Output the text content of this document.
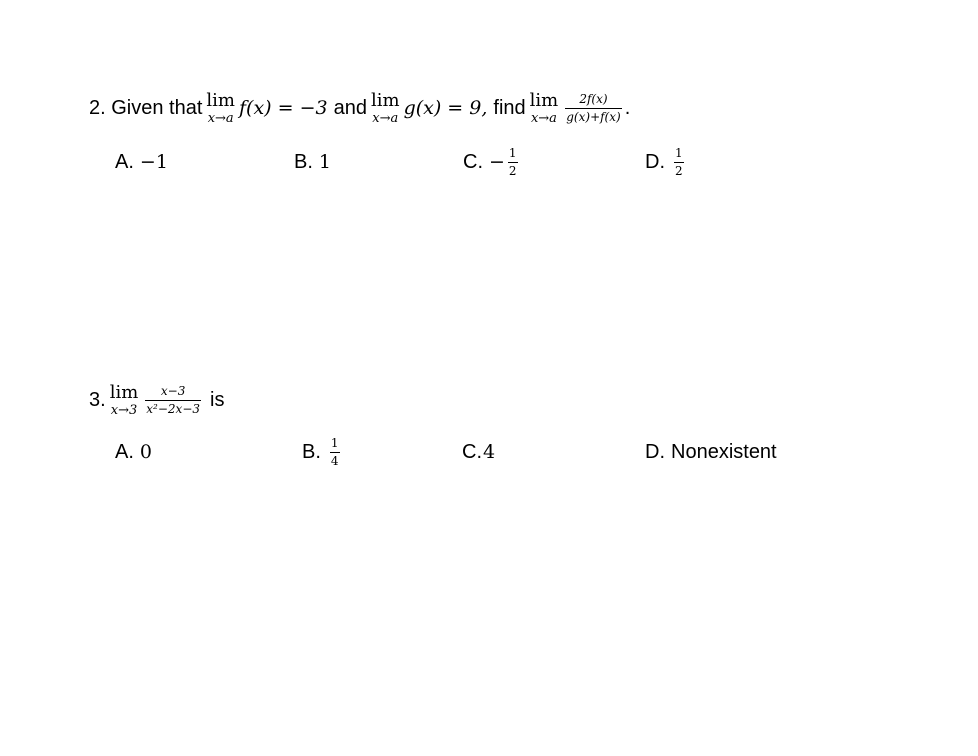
2. Given that lim
x→a f(x) = −3 and lim
x→a g(x) = 9, find lim
$x\to a \frac{2f(x)}{g(x)+f(x)}$ .
A. −1	B. 1	C. − $\frac{1}{2}$	D. $\frac{1}{2}$
3. lim
$x\to 3 \frac{x-3}{\text{x²−2x−3}}$ is
A. 0	B. $\frac{1}{4}$	C. 4	D. Nonexistent
